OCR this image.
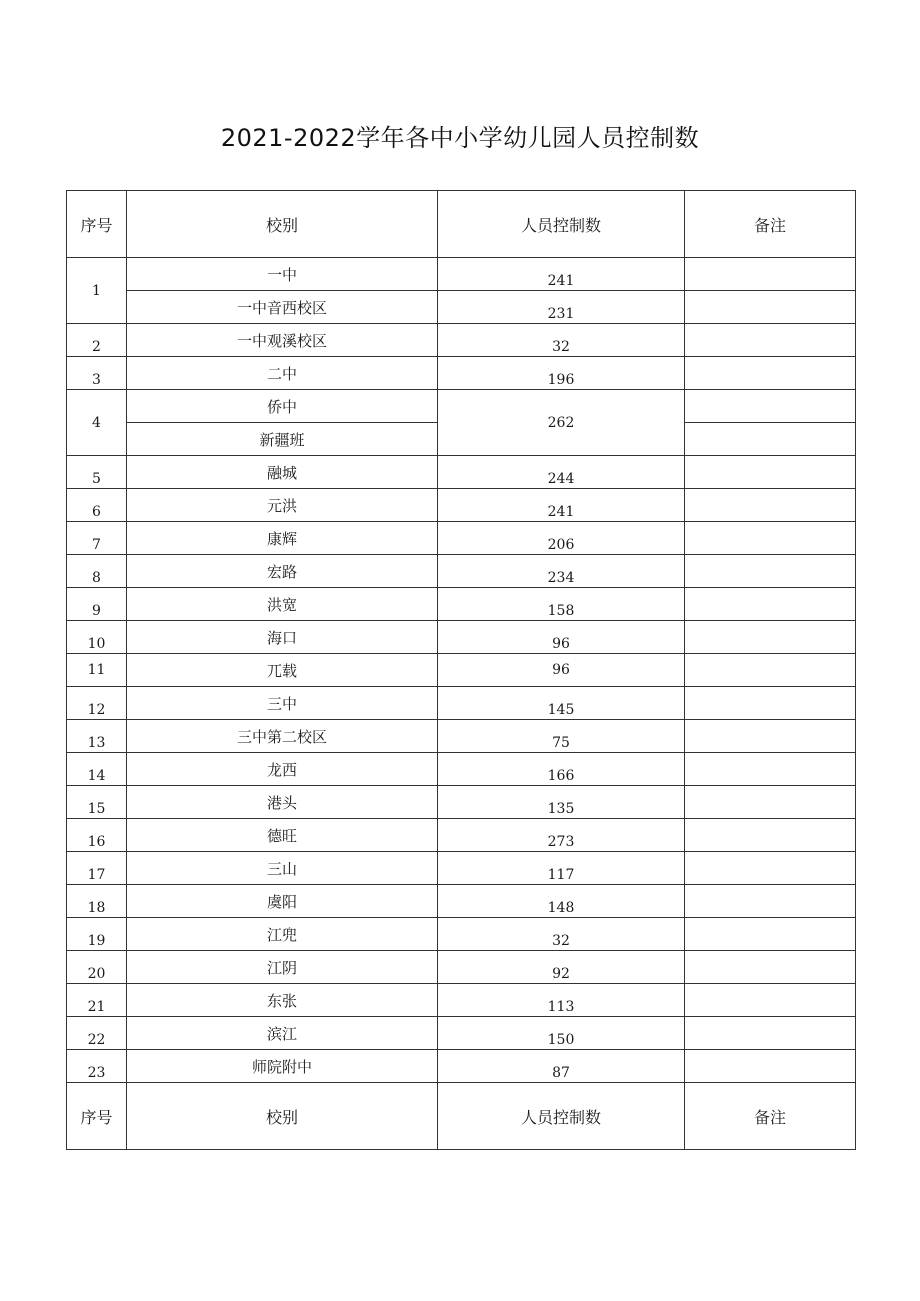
2021-2022学年各中小学幼儿园人员控制数
序号	校别	人员控制数	备注
1	一中	241	
	一中音西校区	231	
2	一中观溪校区	32	
3	二中	196	
4	侨中	262	
	新疆班		
5	融城	244	
6	元洪	241	
7	康辉	206	
8	宏路	234	
9	洪宽	158	
10	海口	96	
11	兀载	96	
12	三中	145	
13	三中第二校区	75	
14	龙西	166	
15	港头	135	
16	德旺	273	
17	三山	117	
18	虞阳	148	
19	江兜	32	
20	江阴	92	
21	东张	113	
22	滨江	150	
23	师院附中	87	
序号	校别	人员控制数	备注
